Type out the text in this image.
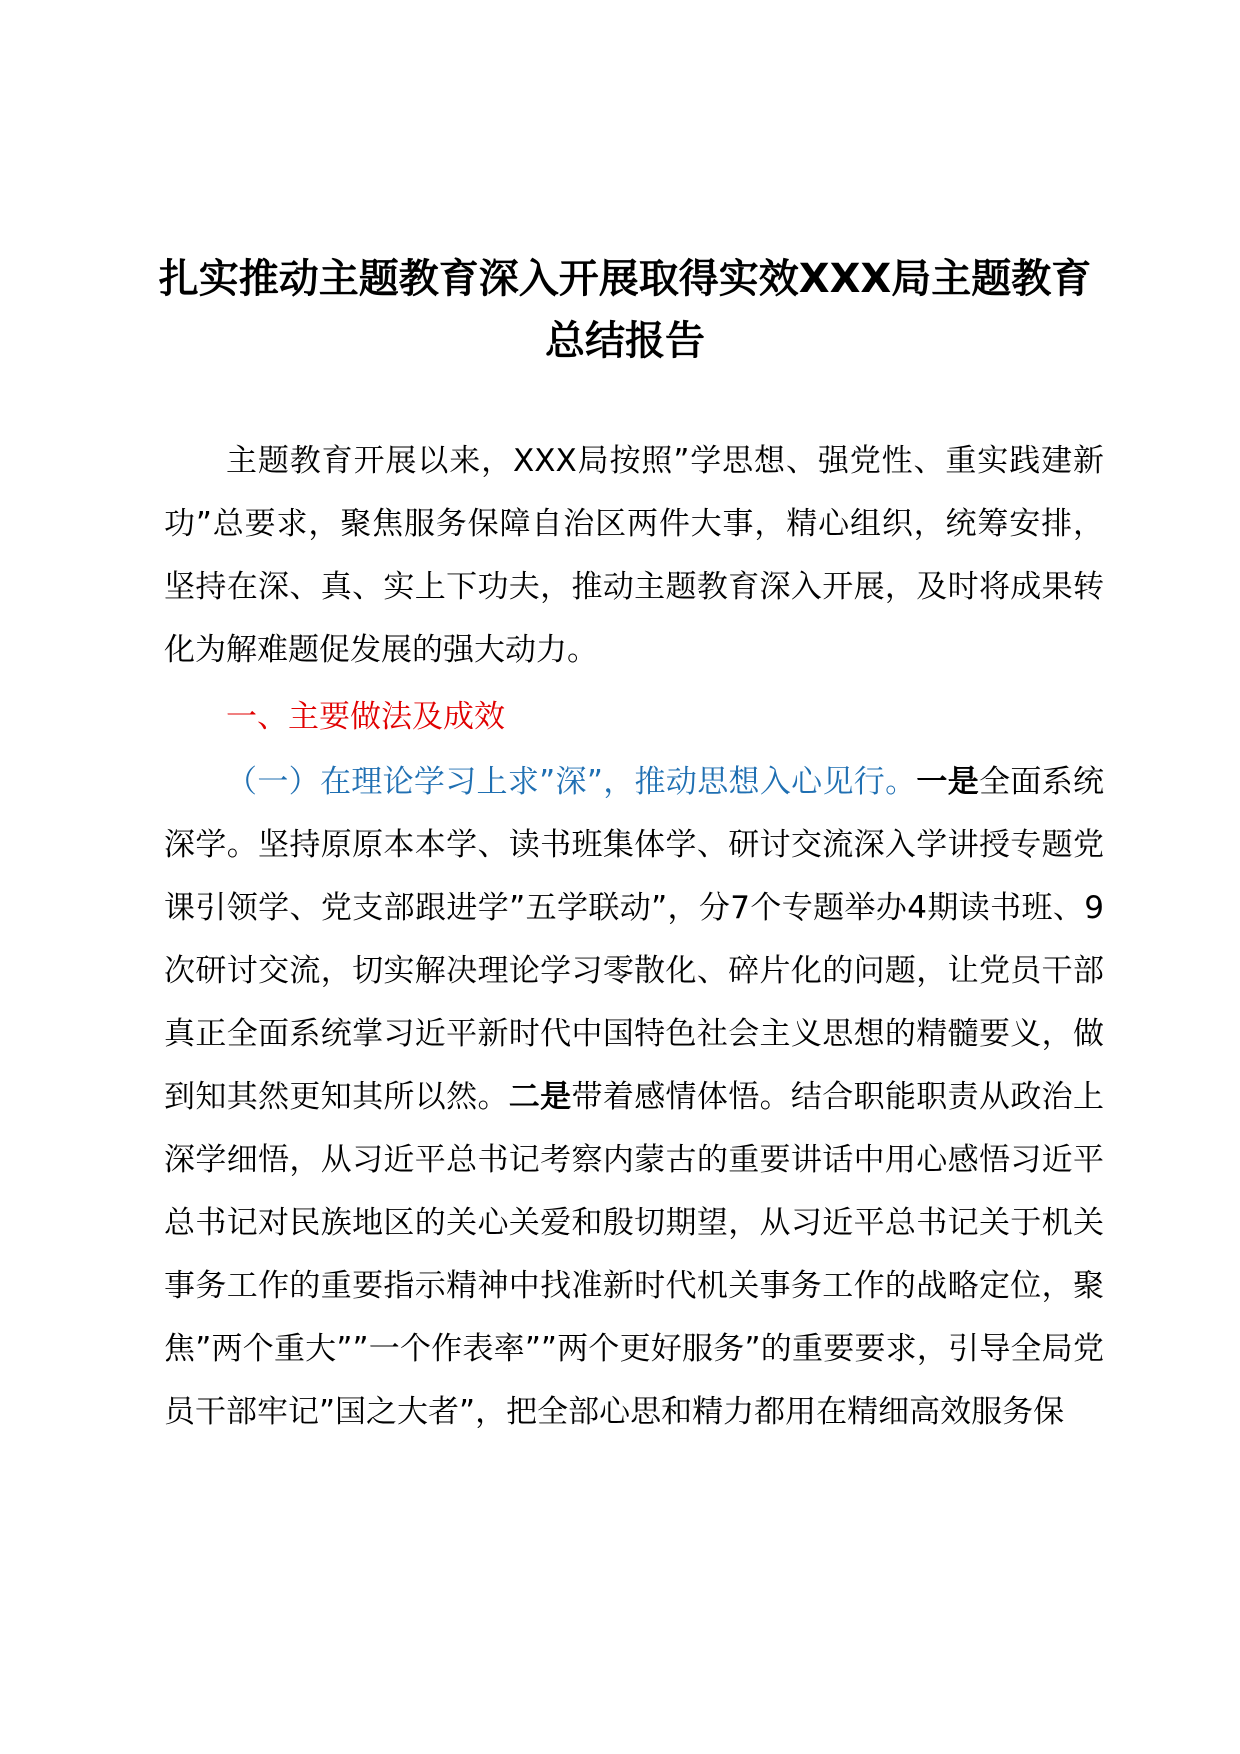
扎实推动主题教育深入开展取得实效XXX局主题教育总结报告

主题教育开展以来，XXX局按照”学思想、强党性、重实践建新功”总要求，聚焦服务保障自治区两件大事，精心组织，统筹安排，坚持在深、真、实上下功夫，推动主题教育深入开展，及时将成果转化为解难题促发展的强大动力。

一、主要做法及成效

（一）在理论学习上求”深”，推动思想入心见行。一是全面系统深学。坚持原原本本学、读书班集体学、研讨交流深入学讲授专题党课引领学、党支部跟进学”五学联动”，分7个专题举办4期读书班、9次研讨交流，切实解决理论学习零散化、碎片化的问题，让党员干部真正全面系统掌习近平新时代中国特色社会主义思想的精髓要义，做到知其然更知其所以然。二是带着感情体悟。结合职能职责从政治上深学细悟，从习近平总书记考察内蒙古的重要讲话中用心感悟习近平总书记对民族地区的关心关爱和殷切期望，从习近平总书记关于机关事务工作的重要指示精神中找准新时代机关事务工作的战略定位，聚焦”两个重大””一个作表率””两个更好服务”的重要要求，引导全局党员干部牢记”国之大者”，把全部心思和精力都用在精细高效服务保
